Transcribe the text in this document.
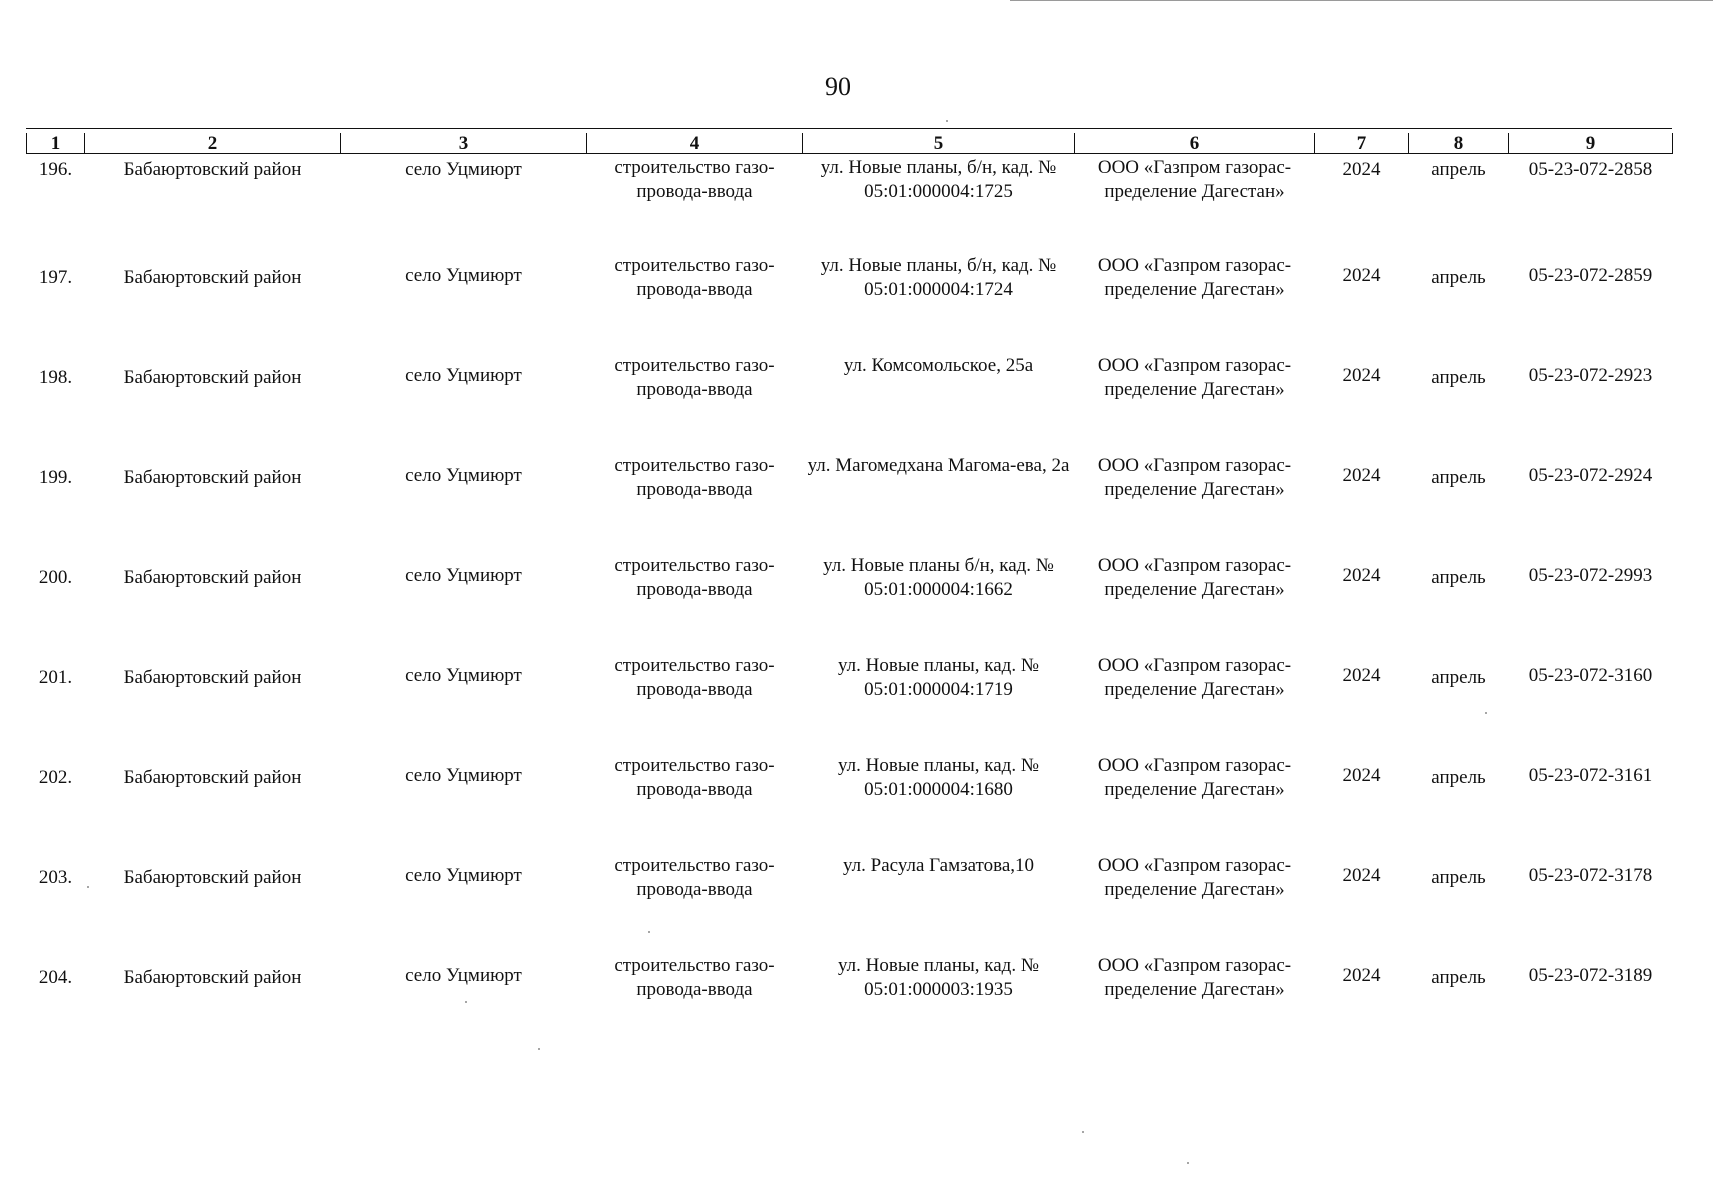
90
1	2	3	4	5	6	7	8	9
196.	Бабаюртовский район	село Уцмиюрт	строительство газо-провода-ввода	ул. Новые планы, б/н, кад. № 05:01:000004:1725	ООО «Газпром газорас-пределение Дагестан»	2024	апрель	05-23-072-2858
197.	Бабаюртовский район	село Уцмиюрт	строительство газо-провода-ввода	ул. Новые планы, б/н, кад. № 05:01:000004:1724	ООО «Газпром газорас-пределение Дагестан»	2024	апрель	05-23-072-2859
198.	Бабаюртовский район	село Уцмиюрт	строительство газо-провода-ввода	ул. Комсомольское, 25а	ООО «Газпром газорас-пределение Дагестан»	2024	апрель	05-23-072-2923
199.	Бабаюртовский район	село Уцмиюрт	строительство газо-провода-ввода	ул. Магомедхана Магома-ева, 2а	ООО «Газпром газорас-пределение Дагестан»	2024	апрель	05-23-072-2924
200.	Бабаюртовский район	село Уцмиюрт	строительство газо-провода-ввода	ул. Новые планы б/н, кад. № 05:01:000004:1662	ООО «Газпром газорас-пределение Дагестан»	2024	апрель	05-23-072-2993
201.	Бабаюртовский район	село Уцмиюрт	строительство газо-провода-ввода	ул. Новые планы, кад. № 05:01:000004:1719	ООО «Газпром газорас-пределение Дагестан»	2024	апрель	05-23-072-3160
202.	Бабаюртовский район	село Уцмиюрт	строительство газо-провода-ввода	ул. Новые планы, кад. № 05:01:000004:1680	ООО «Газпром газорас-пределение Дагестан»	2024	апрель	05-23-072-3161
203.	Бабаюртовский район	село Уцмиюрт	строительство газо-провода-ввода	ул. Расула Гамзатова,10	ООО «Газпром газорас-пределение Дагестан»	2024	апрель	05-23-072-3178
204.	Бабаюртовский район	село Уцмиюрт	строительство газо-провода-ввода	ул. Новые планы, кад. № 05:01:000003:1935	ООО «Газпром газорас-пределение Дагестан»	2024	апрель	05-23-072-3189
